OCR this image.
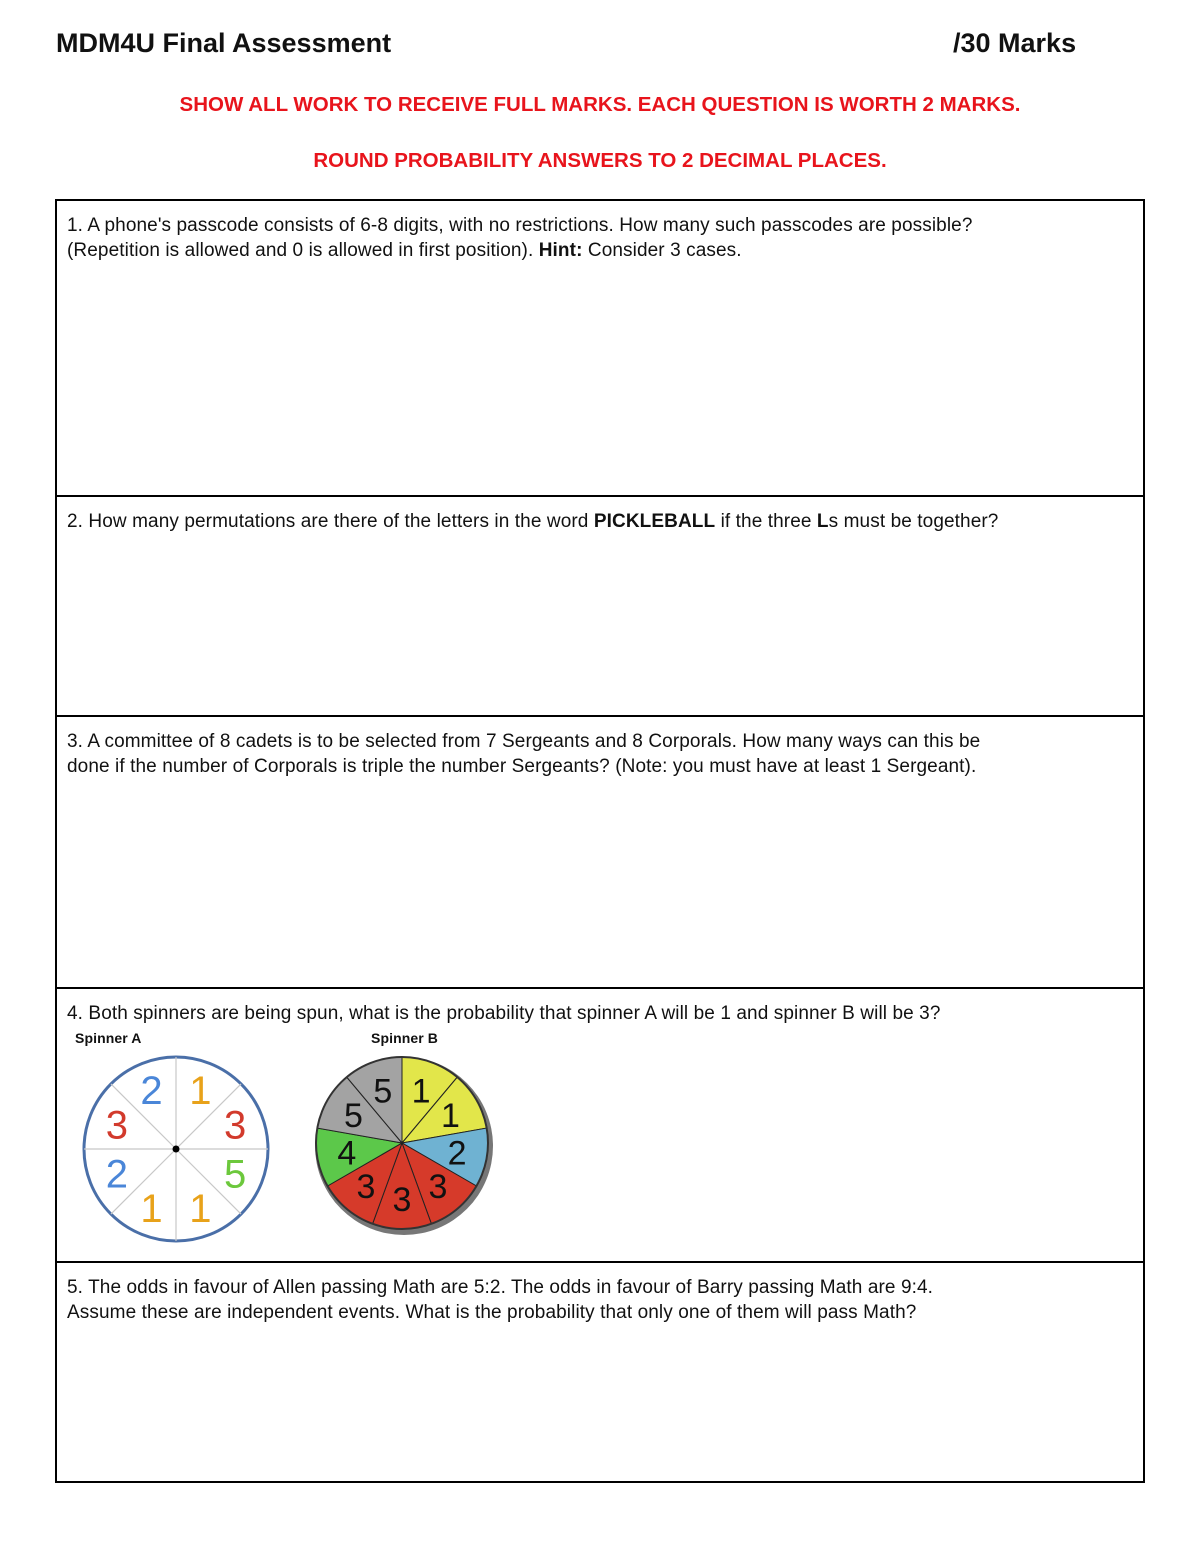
MDM4U Final Assessment	/30 Marks
SHOW ALL WORK TO RECEIVE FULL MARKS. EACH QUESTION IS WORTH 2 MARKS.
ROUND PROBABILITY ANSWERS TO 2 DECIMAL PLACES.
1. A phone's passcode consists of 6-8 digits, with no restrictions. How many such passcodes are possible?
(Repetition is allowed and 0 is allowed in first position). Hint: Consider 3 cases.

2. How many permutations are there of the letters in the word PICKLEBALL if the three Ls must be together?

3. A committee of 8 cadets is to be selected from 7 Sergeants and 8 Corporals. How many ways can this be
done if the number of Corporals is triple the number Sergeants? (Note: you must have at least 1 Sergeant).

4. Both spinners are being spun, what is the probability that spinner A will be 1 and spinner B will be 3?
Spinner A	Spinner B
1
3
5
1
1
2
3
2	1
1
2
3
3
3
4
5
5

5. The odds in favour of Allen passing Math are 5:2. The odds in favour of Barry passing Math are 9:4.
Assume these are independent events. What is the probability that only one of them will pass Math?
